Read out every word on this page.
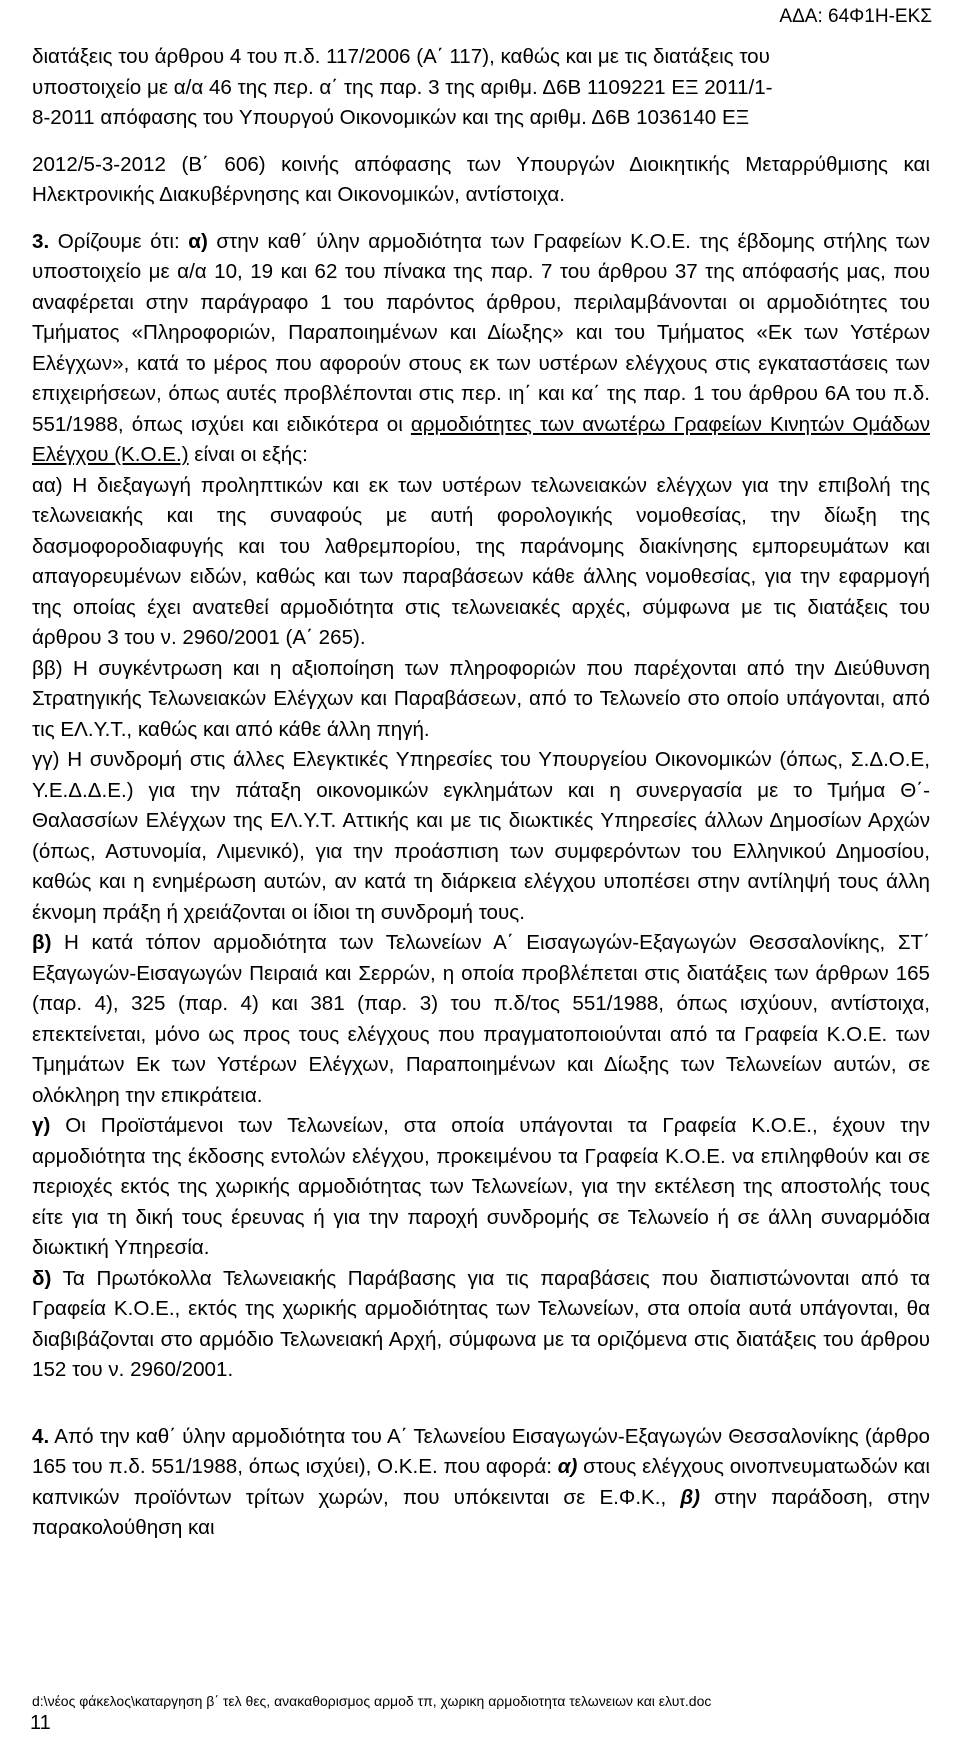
ΑΔΑ: 64Φ1Η-ΕΚΣ

διατάξεις του άρθρου 4 του π.δ. 117/2006 (Α΄ 117), καθώς και με τις διατάξεις του
υποστοιχείο με α/α 46 της περ. α΄ της παρ. 3 της αριθμ. Δ6Β 1109221 ΕΞ 2011/1-
8-2011 απόφασης του Υπουργού Οικονομικών και της αριθμ. Δ6Β 1036140 ΕΞ

2012/5-3-2012 (Β΄ 606) κοινής απόφασης των Υπουργών Διοικητικής Μεταρρύθμισης και Ηλεκτρονικής Διακυβέρνησης και Οικονομικών, αντίστοιχα.

3. Ορίζουμε ότι: α) στην καθ΄ ύλην αρμοδιότητα των Γραφείων Κ.Ο.Ε. της έβδομης στήλης των υποστοιχείο με α/α 10, 19 και 62 του πίνακα της παρ. 7 του άρθρου 37 της απόφασής μας, που αναφέρεται στην παράγραφο 1 του παρόντος άρθρου, περιλαμβάνονται οι αρμοδιότητες του Τμήματος «Πληροφοριών, Παραποιημένων και Δίωξης» και του Τμήματος «Εκ των Υστέρων Ελέγχων», κατά το μέρος που αφορούν στους εκ των υστέρων ελέγχους στις εγκαταστάσεις των επιχειρήσεων, όπως αυτές προβλέπονται στις περ. ιη΄ και κα΄ της παρ. 1 του άρθρου 6Α του π.δ. 551/1988, όπως ισχύει και ειδικότερα οι αρμοδιότητες των ανωτέρω Γραφείων Κινητών Ομάδων Ελέγχου (Κ.Ο.Ε.) είναι οι εξής:

αα) Η διεξαγωγή προληπτικών και εκ των υστέρων τελωνειακών ελέγχων για την επιβολή της τελωνειακής και της συναφούς με αυτή φορολογικής νομοθεσίας, την δίωξη της δασμοφοροδιαφυγής και του λαθρεμπορίου, της παράνομης διακίνησης εμπορευμάτων και απαγορευμένων ειδών, καθώς και των παραβάσεων κάθε άλλης νομοθεσίας, για την εφαρμογή της οποίας έχει ανατεθεί αρμοδιότητα στις τελωνειακές αρχές, σύμφωνα με τις διατάξεις του άρθρου 3 του ν. 2960/2001 (Α΄ 265).

ββ) Η συγκέντρωση και η αξιοποίηση των πληροφοριών που παρέχονται από την Διεύθυνση Στρατηγικής Τελωνειακών Ελέγχων και Παραβάσεων, από το Τελωνείο στο οποίο υπάγονται, από τις ΕΛ.Υ.Τ., καθώς και από κάθε άλλη πηγή.

γγ) Η συνδρομή στις άλλες Ελεγκτικές Υπηρεσίες του Υπουργείου Οικονομικών (όπως, Σ.Δ.Ο.Ε, Υ.Ε.Δ.Δ.Ε.) για την πάταξη οικονομικών εγκλημάτων και η συνεργασία με το Τμήμα Θ΄- Θαλασσίων Ελέγχων της ΕΛ.Υ.Τ. Αττικής και με τις διωκτικές Υπηρεσίες άλλων Δημοσίων Αρχών (όπως, Αστυνομία, Λιμενικό), για την προάσπιση των συμφερόντων του Ελληνικού Δημοσίου, καθώς και η ενημέρωση αυτών, αν κατά τη διάρκεια ελέγχου υποπέσει στην αντίληψή τους άλλη έκνομη πράξη ή χρειάζονται οι ίδιοι τη συνδρομή τους.

β) Η κατά τόπον αρμοδιότητα των Τελωνείων Α΄ Εισαγωγών-Εξαγωγών Θεσσαλονίκης, ΣΤ΄ Εξαγωγών-Εισαγωγών Πειραιά και Σερρών, η οποία προβλέπεται στις διατάξεις των άρθρων 165 (παρ. 4), 325 (παρ. 4) και 381 (παρ. 3) του π.δ/τος 551/1988, όπως ισχύουν, αντίστοιχα, επεκτείνεται, μόνο ως προς τους ελέγχους που πραγματοποιούνται από τα Γραφεία Κ.Ο.Ε. των Τμημάτων Εκ των Υστέρων Ελέγχων, Παραποιημένων και Δίωξης των Τελωνείων αυτών, σε ολόκληρη την επικράτεια.

γ) Οι Προϊστάμενοι των Τελωνείων, στα οποία υπάγονται τα Γραφεία Κ.Ο.Ε., έχουν την αρμοδιότητα της έκδοσης εντολών ελέγχου, προκειμένου τα Γραφεία Κ.Ο.Ε. να επιληφθούν και σε περιοχές εκτός της χωρικής αρμοδιότητας των Τελωνείων, για την εκτέλεση της αποστολής τους είτε για τη δική τους έρευνας ή για την παροχή συνδρομής σε Τελωνείο ή σε άλλη συναρμόδια διωκτική Υπηρεσία.

δ) Τα Πρωτόκολλα Τελωνειακής Παράβασης για τις παραβάσεις που διαπιστώνονται από τα Γραφεία Κ.Ο.Ε., εκτός της χωρικής αρμοδιότητας των Τελωνείων, στα οποία αυτά υπάγονται, θα διαβιβάζονται στο αρμόδιο Τελωνειακή Αρχή, σύμφωνα με τα οριζόμενα στις διατάξεις του άρθρου 152 του ν. 2960/2001.

4. Από την καθ΄ ύλην αρμοδιότητα του Α΄ Τελωνείου Εισαγωγών-Εξαγωγών Θεσσαλονίκης (άρθρο 165 του π.δ. 551/1988, όπως ισχύει), Ο.Κ.Ε. που αφορά: α) στους ελέγχους οινοπνευματωδών και καπνικών προϊόντων τρίτων χωρών, που υπόκεινται σε Ε.Φ.Κ., β) στην παράδοση, στην παρακολούθηση και

d:\νέος φάκελος\καταργηση β΄ τελ θες, ανακαθορισμος αρμοδ τπ, χωρικη αρμοδιοτητα τελωνειων και ελυτ.doc
11
